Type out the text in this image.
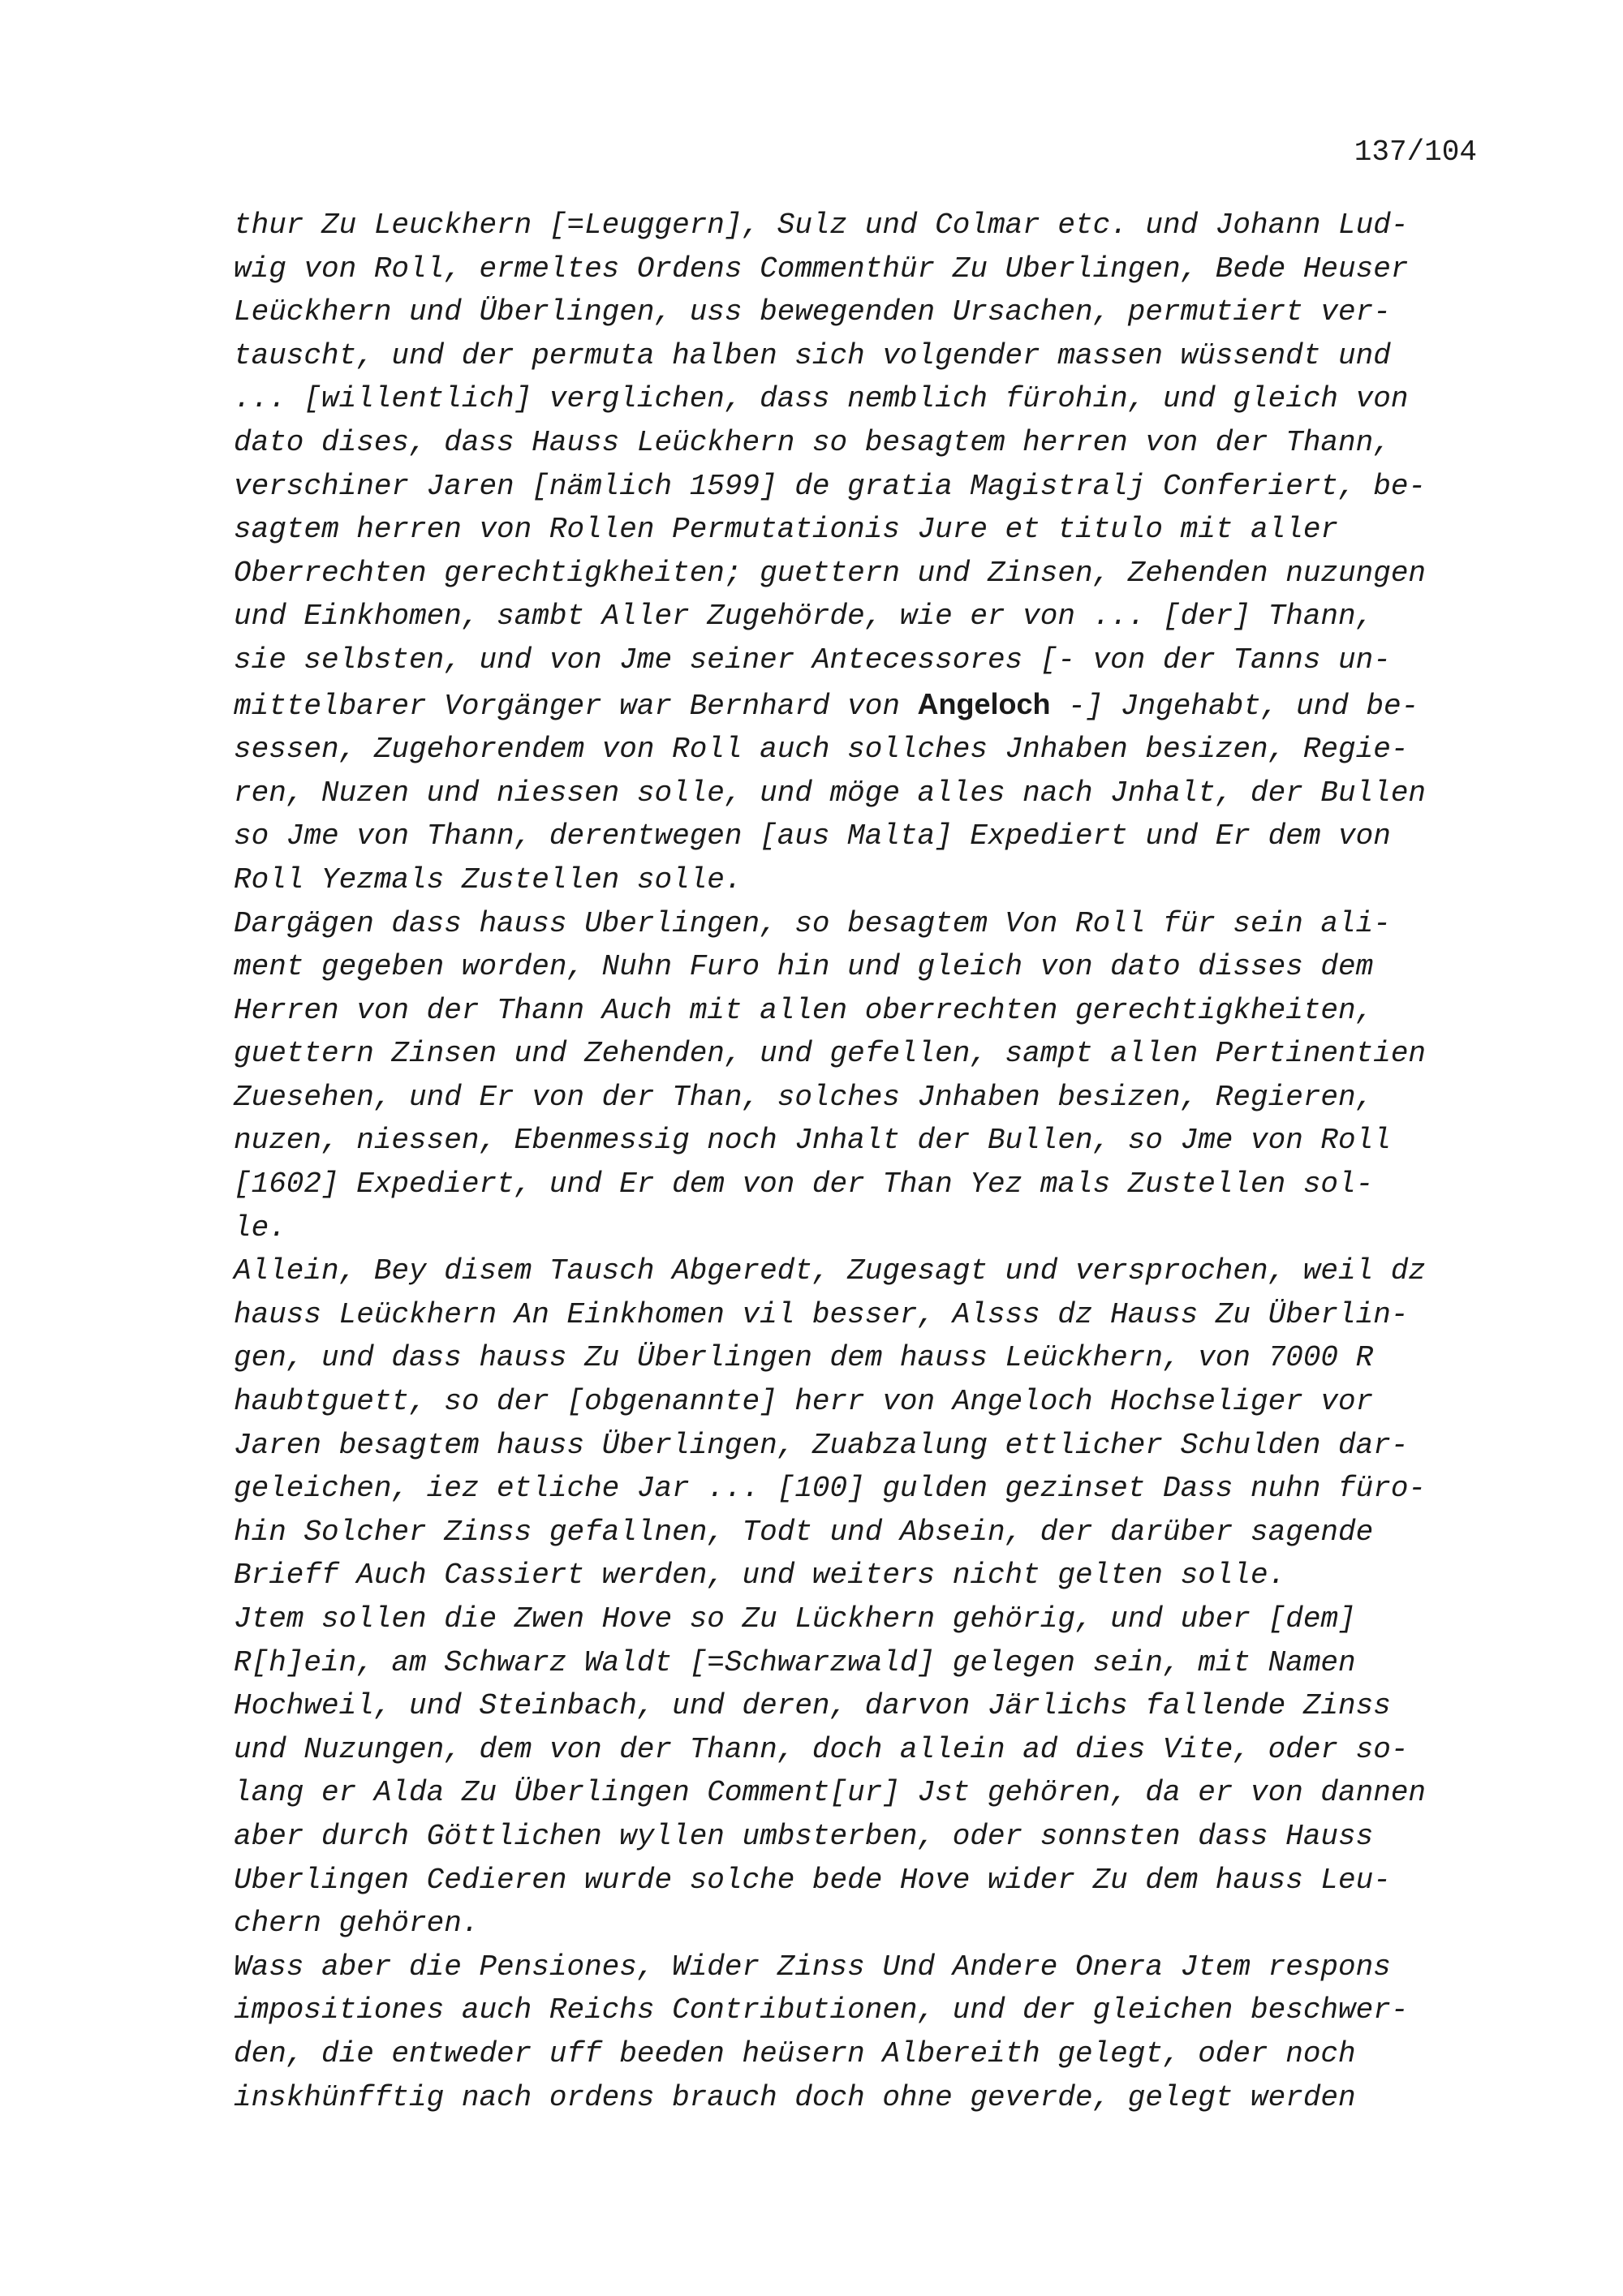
137/104
thur Zu Leuckhern [=Leuggern], Sulz und Colmar etc. und Johann Lud-
wig von Roll, ermeltes Ordens Commenthür Zu Uberlingen, Bede Heuser
Leückhern und Überlingen, uss bewegenden Ursachen, permutiert ver-
tauscht, und der permuta halben sich volgender massen wüssendt und
... [willentlich] verglichen, dass nemblich fürohin, und gleich von
dato dises, dass Hauss Leückhern so besagtem herren von der Thann,
verschiner Jaren [nämlich 1599] de gratia Magistralj Conferiert, be-
sagtem herren von Rollen Permutationis Jure et titulo mit aller
Oberrechten gerechtigkheiten; guettern und Zinsen, Zehenden nuzungen
und Einkhomen, sambt Aller Zugehörde, wie er von ... [der] Thann,
sie selbsten, und von Jme seiner Antecessores [- von der Tanns un-
mittelbarer Vorgänger war Bernhard von Angeloch -] Jngehabt, und be-
sessen, Zugehorendem von Roll auch sollches Jnhaben besizen, Regie-
ren, Nuzen und niessen solle, und möge alles nach Jnhalt, der Bullen
so Jme von Thann, derentwegen [aus Malta] Expediert und Er dem von
Roll Yezmals Zustellen solle.
Dargägen dass hauss Uberlingen, so besagtem Von Roll für sein ali-
ment gegeben worden, Nuhn Furo hin und gleich von dato disses dem
Herren von der Thann Auch mit allen oberrechten gerechtigkheiten,
guettern Zinsen und Zehenden, und gefellen, sampt allen Pertinentien
Zuesehen, und Er von der Than, solches Jnhaben besizen, Regieren,
nuzen, niessen, Ebenmessig noch Jnhalt der Bullen, so Jme von Roll
[1602] Expediert, und Er dem von der Than Yez mals Zustellen sol-
le.
Allein, Bey disem Tausch Abgeredt, Zugesagt und versprochen, weil dz
hauss Leückhern An Einkhomen vil besser, Alsss dz Hauss Zu Überlin-
gen, und dass hauss Zu Überlingen dem hauss Leückhern, von 7000 R
haubtguett, so der [obgenannte] herr von Angeloch Hochseliger vor
Jaren besagtem hauss Überlingen, Zuabzalung ettlicher Schulden dar-
geleichen, iez etliche Jar ... [100] gulden gezinset Dass nuhn füro-
hin Solcher Zinss gefallnen, Todt und Absein, der darüber sagende
Brieff Auch Cassiert werden, und weiters nicht gelten solle.
Jtem sollen die Zwen Hove so Zu Lückhern gehörig, und uber [dem]
R[h]ein, am Schwarz Waldt [=Schwarzwald] gelegen sein, mit Namen
Hochweil, und Steinbach, und deren, darvon Järlichs fallende Zinss
und Nuzungen, dem von der Thann, doch allein ad dies Vite, oder so-
lang er Alda Zu Überlingen Comment[ur] Jst gehören, da er von dannen
aber durch Göttlichen wyllen umbsterben, oder sonnsten dass Hauss
Uberlingen Cedieren wurde solche bede Hove wider Zu dem hauss Leu-
chern gehören.
Wass aber die Pensiones, Wider Zinss Und Andere Onera Jtem respons
impositiones auch Reichs Contributionen, und der gleichen beschwer-
den, die entweder uff beeden heüsern Albereith gelegt, oder noch
inskhünfftig nach ordens brauch doch ohne geverde, gelegt werden
